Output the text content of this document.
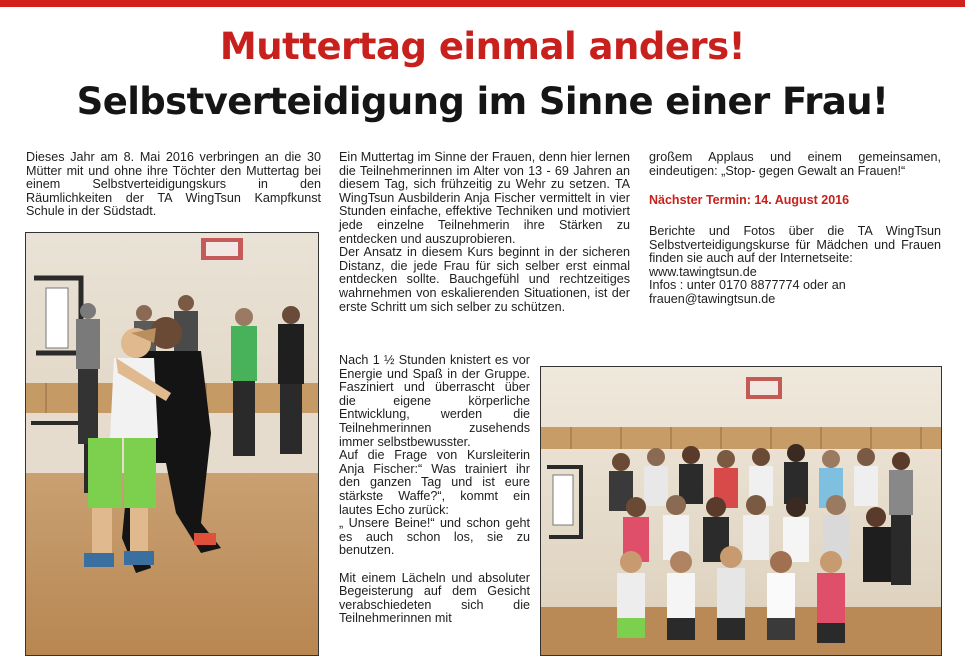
Muttertag einmal anders!
Selbstverteidigung im Sinne einer Frau!

Dieses Jahr am 8. Mai 2016 verbringen an die 30 Mütter mit und ohne ihre Töchter den Muttertag bei einem Selbstverteidigungskurs in den Räumlichkeiten der TA WingTsun Kampfkunst Schule in der Südstadt.

Ein Muttertag im Sinne der Frauen, denn hier lernen die Teilnehmerinnen im Alter von 13 - 69 Jahren an diesem Tag, sich frühzeitig zu Wehr zu setzen. TA WingTsun Ausbilderin Anja Fischer vermittelt in vier Stunden einfache, effektive Techniken und motiviert jede einzelne Teilnehmerin ihre Stärken zu entdecken und auszuprobieren.

Der Ansatz in diesem Kurs beginnt in der sicheren Distanz, die jede Frau für sich selber erst einmal entdecken sollte. Bauchgefühl und rechtzeitiges wahrnehmen von eskalierenden Situationen, ist der erste Schritt um sich selber zu schützen.

Nach 1 ½ Stunden knistert es vor Energie und Spaß in der Gruppe. Fasziniert und überrascht über die eigene körperliche Entwicklung, werden die Teilnehmerinnen zusehends immer selbstbewusster.

Auf die Frage von Kursleiterin Anja Fischer:“ Was trainiert ihr den ganzen Tag und ist eure stärkste Waffe?“, kommt ein lautes Echo zurück:

„ Unsere Beine!“ und schon geht es auch schon los, sie zu benutzen.

Mit einem Lächeln und absoluter Begeisterung auf dem Gesicht verabschiedeten sich die Teilnehmerinnen mit

großem Applaus und einem gemeinsamen, eindeutigen: „Stop- gegen Gewalt an Frauen!“

Nächster Termin: 14. August 2016

Berichte und Fotos über die TA WingTsun Selbstverteidigungskurse für Mädchen und Frauen finden sie auch auf der Internetseite:

www.tawingtsun.de

Infos : unter 0170 8877774 oder an

frauen@tawingtsun.de
